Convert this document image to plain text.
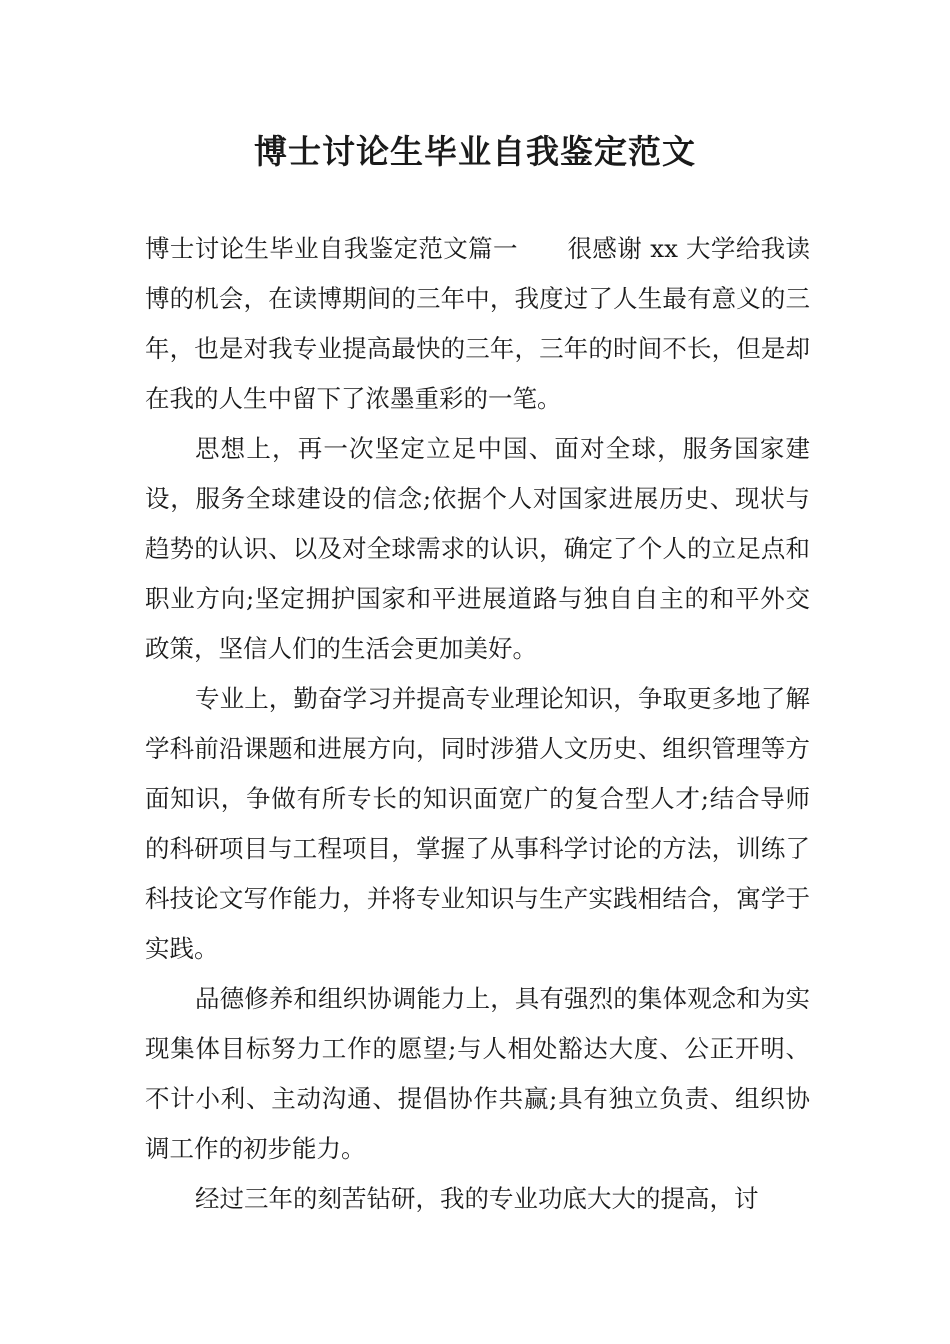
博士讨论生毕业自我鉴定范文

博士讨论生毕业自我鉴定范文篇一　　很感谢 xx 大学给我读博的机会，在读博期间的三年中，我度过了人生最有意义的三年，也是对我专业提高最快的三年，三年的时间不长，但是却在我的人生中留下了浓墨重彩的一笔。

思想上，再一次坚定立足中国、面对全球，服务国家建设，服务全球建设的信念;依据个人对国家进展历史、现状与趋势的认识、以及对全球需求的认识，确定了个人的立足点和职业方向;坚定拥护国家和平进展道路与独自自主的和平外交政策，坚信人们的生活会更加美好。

专业上，勤奋学习并提高专业理论知识，争取更多地了解学科前沿课题和进展方向，同时涉猎人文历史、组织管理等方面知识，争做有所专长的知识面宽广的复合型人才;结合导师的科研项目与工程项目，掌握了从事科学讨论的方法，训练了科技论文写作能力，并将专业知识与生产实践相结合，寓学于实践。

品德修养和组织协调能力上，具有强烈的集体观念和为实现集体目标努力工作的愿望;与人相处豁达大度、公正开明、不计小利、主动沟通、提倡协作共赢;具有独立负责、组织协调工作的初步能力。

经过三年的刻苦钻研，我的专业功底大大的提高，讨
